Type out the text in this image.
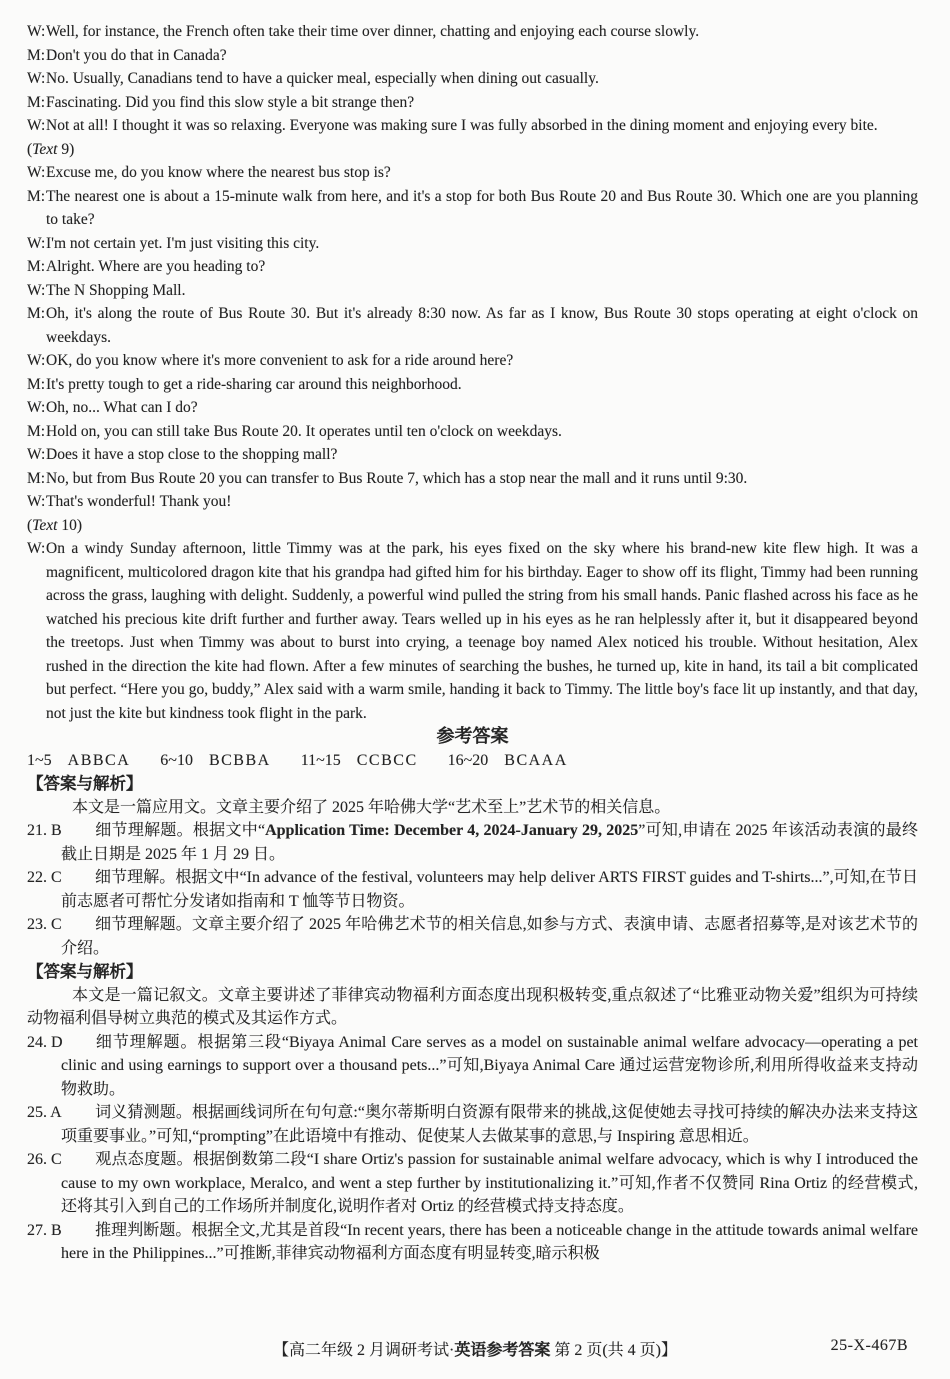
W:Well, for instance, the French often take their time over dinner, chatting and enjoying each course slowly.

M:Don't you do that in Canada?

W:No. Usually, Canadians tend to have a quicker meal, especially when dining out casually.

M:Fascinating. Did you find this slow style a bit strange then?

W:Not at all! I thought it was so relaxing. Everyone was making sure I was fully absorbed in the dining moment and enjoying every bite.

(Text 9)

W:Excuse me, do you know where the nearest bus stop is?

M:The nearest one is about a 15-minute walk from here, and it's a stop for both Bus Route 20 and Bus Route 30. Which one are you planning to take?

W:I'm not certain yet. I'm just visiting this city.

M:Alright. Where are you heading to?

W:The N Shopping Mall.

M:Oh, it's along the route of Bus Route 30. But it's already 8:30 now. As far as I know, Bus Route 30 stops operating at eight o'clock on weekdays.

W:OK, do you know where it's more convenient to ask for a ride around here?

M:It's pretty tough to get a ride-sharing car around this neighborhood.

W:Oh, no... What can I do?

M:Hold on, you can still take Bus Route 20. It operates until ten o'clock on weekdays.

W:Does it have a stop close to the shopping mall?

M:No, but from Bus Route 20 you can transfer to Bus Route 7, which has a stop near the mall and it runs until 9:30.

W:That's wonderful! Thank you!

(Text 10)

W:On a windy Sunday afternoon, little Timmy was at the park, his eyes fixed on the sky where his brand-new kite flew high. It was a magnificent, multicolored dragon kite that his grandpa had gifted him for his birthday. Eager to show off its flight, Timmy had been running across the grass, laughing with delight. Suddenly, a powerful wind pulled the string from his small hands. Panic flashed across his face as he watched his precious kite drift further and further away. Tears welled up in his eyes as he ran helplessly after it, but it disappeared beyond the treetops. Just when Timmy was about to burst into crying, a teenage boy named Alex noticed his trouble. Without hesitation, Alex rushed in the direction the kite had flown. After a few minutes of searching the bushes, he turned up, kite in hand, its tail a bit complicated but perfect. “Here you go, buddy,” Alex said with a warm smile, handing it back to Timmy. The little boy's face lit up instantly, and that day, not just the kite but kindness took flight in the park.

参考答案

1~5 ABBCA 6~10 BCBBA 11~15 CCBCC 16~20 BCAAA

【答案与解析】

本文是一篇应用文。文章主要介绍了 2025 年哈佛大学“艺术至上”艺术节的相关信息。

21. B 细节理解题。根据文中“Application Time: December 4, 2024-January 29, 2025”可知,申请在 2025 年该活动表演的最终截止日期是 2025 年 1 月 29 日。

22. C 细节理解。根据文中“In advance of the festival, volunteers may help deliver ARTS FIRST guides and T-shirts...”,可知,在节日前志愿者可帮忙分发诸如指南和 T 恤等节日物资。

23. C 细节理解题。文章主要介绍了 2025 年哈佛艺术节的相关信息,如参与方式、表演申请、志愿者招募等,是对该艺术节的介绍。

【答案与解析】

本文是一篇记叙文。文章主要讲述了菲律宾动物福利方面态度出现积极转变,重点叙述了“比雅亚动物关爱”组织为可持续动物福利倡导树立典范的模式及其运作方式。

24. D 细节理解题。根据第三段“Biyaya Animal Care serves as a model on sustainable animal welfare advocacy—operating a pet clinic and using earnings to support over a thousand pets...”可知,Biyaya Animal Care 通过运营宠物诊所,利用所得收益来支持动物救助。

25. A 词义猜测题。根据画线词所在句句意:“奥尔蒂斯明白资源有限带来的挑战,这促使她去寻找可持续的解决办法来支持这项重要事业。”可知,“prompting”在此语境中有推动、促使某人去做某事的意思,与 Inspiring 意思相近。

26. C 观点态度题。根据倒数第二段“I share Ortiz's passion for sustainable animal welfare advocacy, which is why I introduced the cause to my own workplace, Meralco, and went a step further by institutionalizing it.”可知,作者不仅赞同 Rina Ortiz 的经营模式,还将其引入到自己的工作场所并制度化,说明作者对 Ortiz 的经营模式持支持态度。

27. B 推理判断题。根据全文,尤其是首段“In recent years, there has been a noticeable change in the attitude towards animal welfare here in the Philippines...”可推断,菲律宾动物福利方面态度有明显转变,暗示积极

【高二年级 2 月调研考试·英语参考答案 第 2 页(共 4 页)】	25-X-467B
